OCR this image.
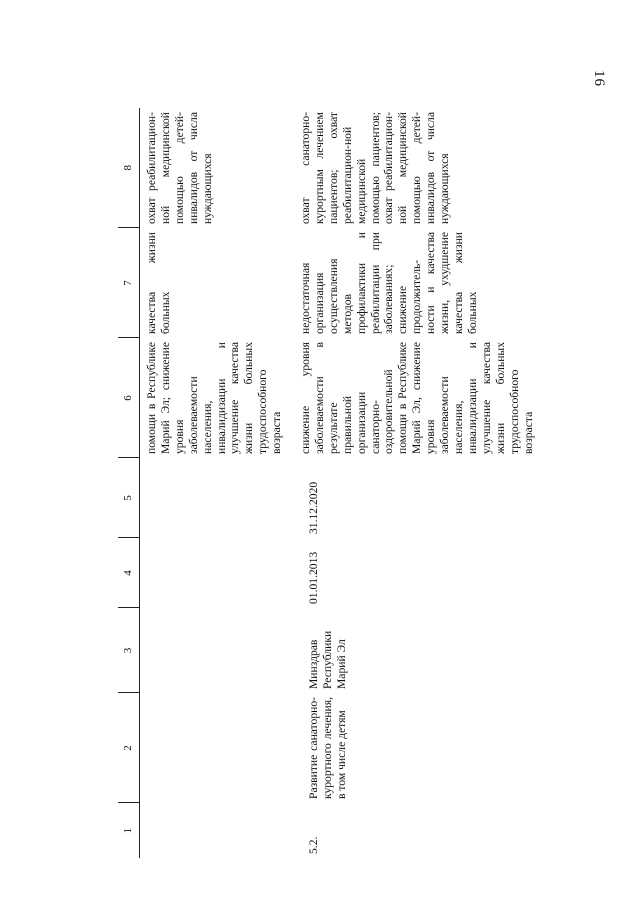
16
1	2	3	4	5	6	7	8
					помощи в Республике Марий Эл; снижение уровня заболеваемости населения, инвалидизации и улучшение качества жизни больных трудоспособного возраста	качества жизни больных	охват реабилитацион-ной медицинской помощью детей-инвалидов от числа нуждающихся
5.2.	Развитие санаторно-курортного лечения, в том числе детям	Минздрав Республики Марий Эл	01.01.2013	31.12.2020	снижение уровня заболеваемости в результате правильной организации санаторно-оздоровительной помощи в Республике Марий Эл, снижение уровня заболеваемости населения, инвалидизации и улучшение качества жизни больных трудоспособного возраста	недостаточная организация осуществления методов профилактики и реабилитации при заболеваниях; снижение продолжитель-ности и качества жизни, ухудшение качества жизни больных	охват санаторно-курортным лечением пациентов; охват реабилитацион-ной медицинской помощью пациентов; охват реабилитацион-ной медицинской помощью детей-инвалидов от числа нуждающихся
